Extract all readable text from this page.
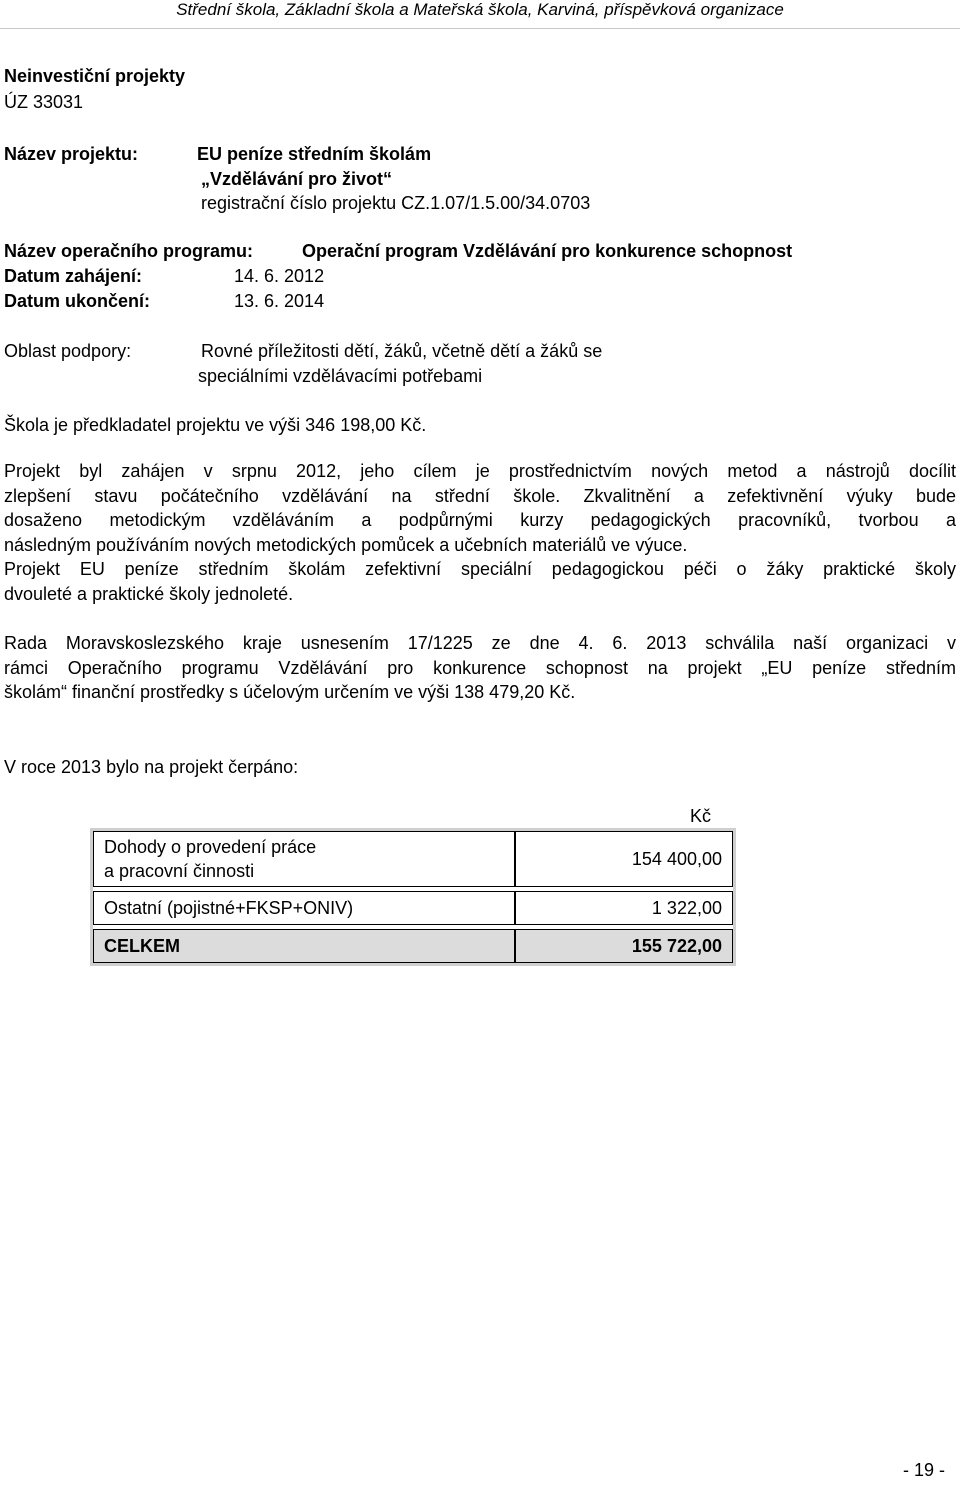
Střední škola, Základní škola a Mateřská škola, Karviná, příspěvková organizace
Neinvestiční projekty
ÚZ 33031
Název projektu:	EU peníze středním školám
„Vzdělávání pro život“
registrační číslo projektu CZ.1.07/1.5.00/34.0703
Název operačního programu:	Operační program Vzdělávání pro konkurence schopnost
Datum zahájení:	14. 6. 2012
Datum ukončení:	13. 6. 2014
Oblast podpory:	Rovné příležitosti dětí, žáků, včetně dětí a žáků se
speciálními vzdělávacími potřebami
Škola je předkladatel projektu ve výši 346 198,00 Kč.
Projekt byl zahájen v srpnu 2012, jeho cílem je prostřednictvím nových metod a nástrojů docílit
zlepšení stavu počátečního vzdělávání na střední škole. Zkvalitnění a zefektivnění výuky bude
dosaženo metodickým vzděláváním a podpůrnými kurzy pedagogických pracovníků, tvorbou a
následným používáním nových metodických pomůcek a učebních materiálů ve výuce.
Projekt EU peníze středním školám zefektivní speciální pedagogickou péči o žáky praktické školy
dvouleté a praktické školy jednoleté.
Rada Moravskoslezského kraje usnesením 17/1225 ze dne 4. 6. 2013 schválila naší organizaci v
rámci Operačního programu Vzdělávání pro konkurence schopnost na projekt „EU peníze středním
školám“ finanční prostředky s účelovým určením ve výši 138 479,20 Kč.
V roce 2013 bylo na projekt čerpáno:
Kč
Dohody o provedení práce
a pracovní činnosti	154 400,00

Ostatní (pojistné+FKSP+ONIV)	1 322,00

CELKEM	155 722,00
- 19 -
